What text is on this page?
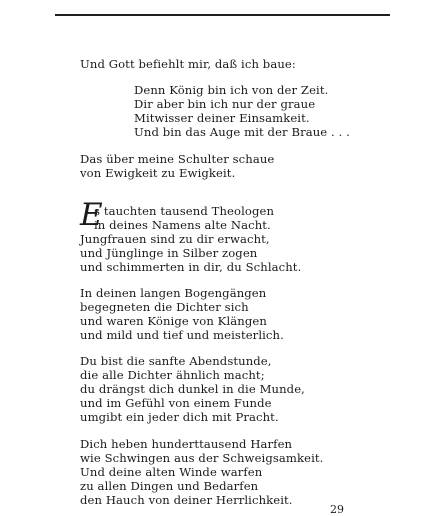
Und Gott befiehlt mir, daß ich baue:
Denn König bin ich von der Zeit.
Dir aber bin ich nur der graue
Mitwisser deiner Einsamkeit.
Und bin das Auge mit der Braue . . .
Das über meine Schulter schaue
von Ewigkeit zu Ewigkeit.
E
s tauchten tausend Theologen
in deines Namens alte Nacht.
Jungfrauen sind zu dir erwacht,
und Jünglinge in Silber zogen
und schimmerten in dir, du Schlacht.
In deinen langen Bogengängen
begegneten die Dichter sich
und waren Könige von Klängen
und mild und tief und meisterlich.
Du bist die sanfte Abendstunde,
die alle Dichter ähnlich macht;
du drängst dich dunkel in die Munde,
und im Gefühl von einem Funde
umgibt ein jeder dich mit Pracht.
Dich heben hunderttausend Harfen
wie Schwingen aus der Schweigsamkeit.
Und deine alten Winde warfen
zu allen Dingen und Bedarfen
den Hauch von deiner Herrlichkeit.
29
